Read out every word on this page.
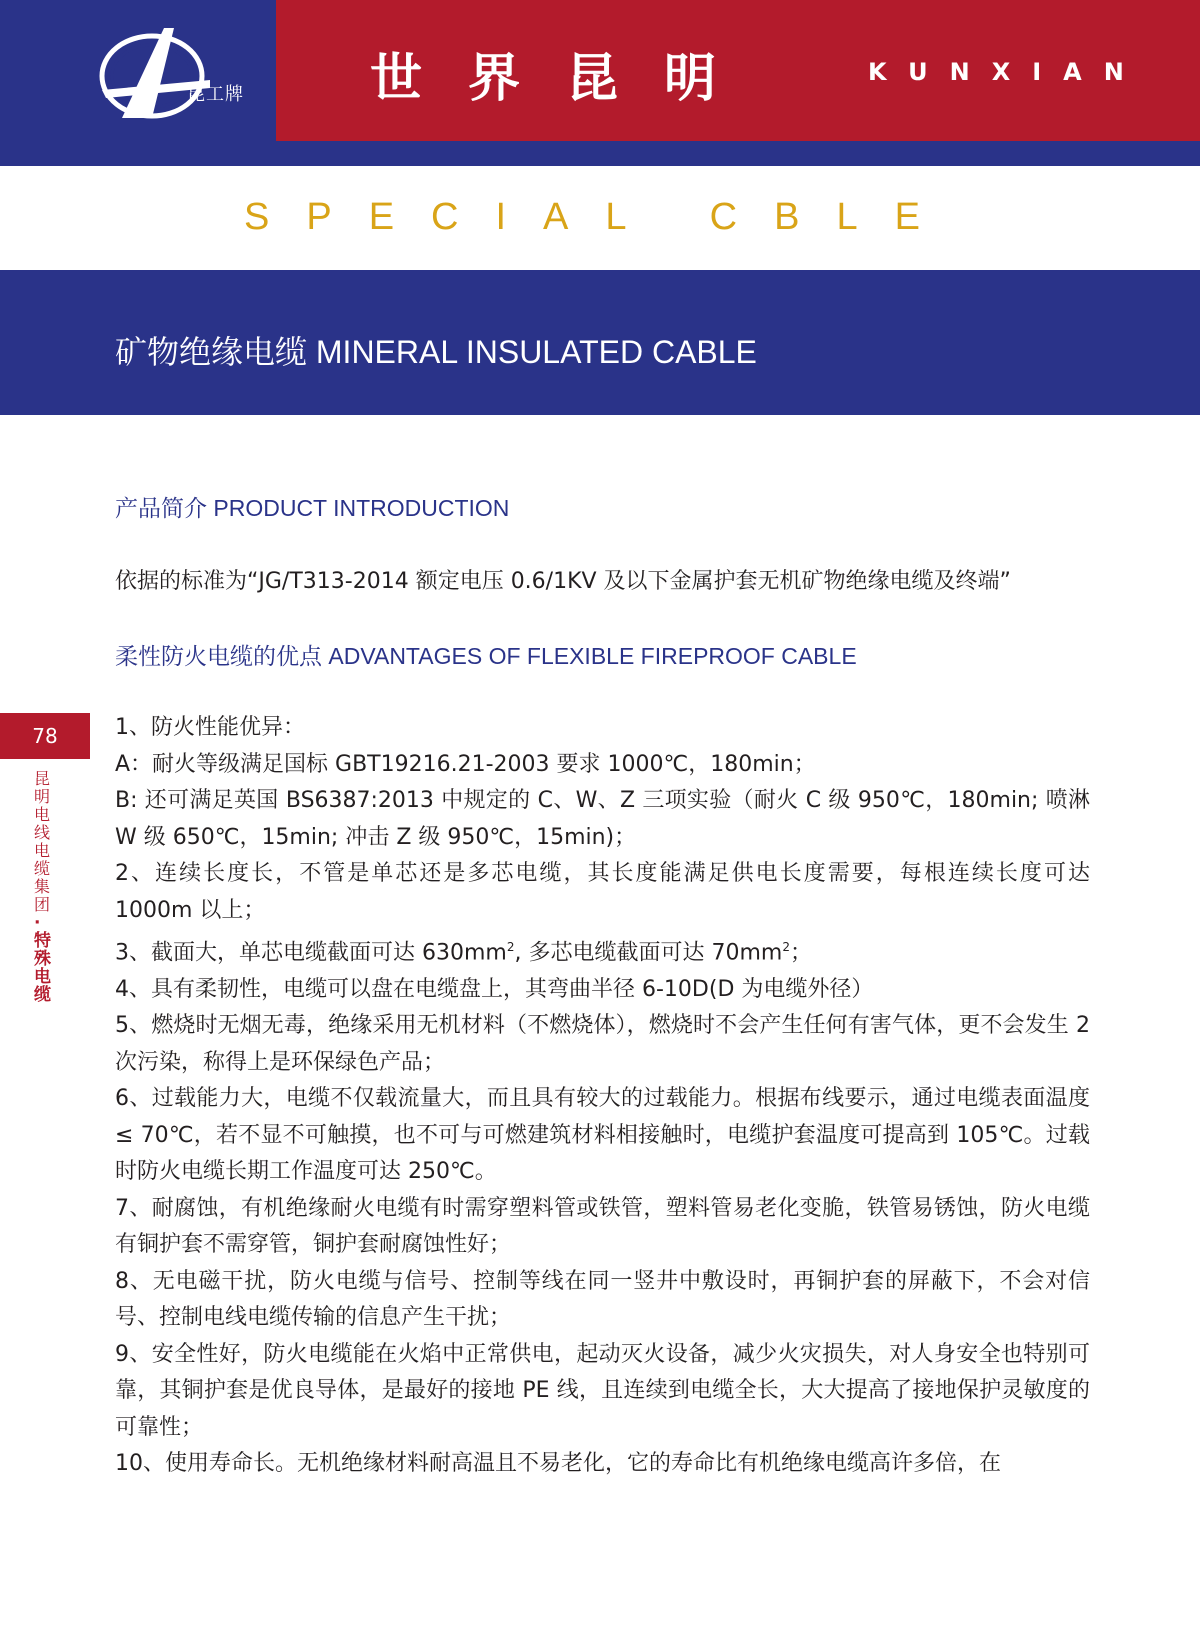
昆工牌 世界昆明	KUNXIAN
SPECIAL CBLE
矿物绝缘电缆 MINERAL INSULATED CABLE
产品简介 PRODUCT INTRODUCTION
依据的标准为“JG/T313-2014 额定电压 0.6/1KV 及以下金属护套无机矿物绝缘电缆及终端”
柔性防火电缆的优点 ADVANTAGES OF FLEXIBLE FIREPROOF CABLE
78
昆明电线电缆集团·特殊电缆

1、防火性能优异：

A：耐火等级满足国标 GBT19216.21-2003 要求 1000℃，180min；

B: 还可满足英国 BS6387:2013 中规定的 C、W、Z 三项实验（耐火 C 级 950℃，180min; 喷淋 W 级 650℃，15min; 冲击 Z 级 950℃，15min)；

2、连续长度长，不管是单芯还是多芯电缆，其长度能满足供电长度需要，每根连续长度可达 1000m 以上；

3、截面大，单芯电缆截面可达 $630mm^2$, 多芯电缆截面可达 $70mm^2$；

4、具有柔韧性，电缆可以盘在电缆盘上，其弯曲半径 6-10D(D 为电缆外径）

5、燃烧时无烟无毒，绝缘采用无机材料（不燃烧体），燃烧时不会产生任何有害气体，更不会发生 2 次污染，称得上是环保绿色产品；

6、过载能力大，电缆不仅载流量大，而且具有较大的过载能力。根据布线要示，通过电缆表面温度≤ 70℃，若不显不可触摸，也不可与可燃建筑材料相接触时，电缆护套温度可提高到 105℃。过载时防火电缆长期工作温度可达 250℃。

7、耐腐蚀，有机绝缘耐火电缆有时需穿塑料管或铁管，塑料管易老化变脆，铁管易锈蚀，防火电缆有铜护套不需穿管，铜护套耐腐蚀性好；

8、无电磁干扰，防火电缆与信号、控制等线在同一竖井中敷设时，再铜护套的屏蔽下，不会对信号、控制电线电缆传输的信息产生干扰；

9、安全性好，防火电缆能在火焰中正常供电，起动灭火设备，减少火灾损失，对人身安全也特别可靠，其铜护套是优良导体，是最好的接地 PE 线，且连续到电缆全长，大大提高了接地保护灵敏度的可靠性；

10、使用寿命长。无机绝缘材料耐高温且不易老化，它的寿命比有机绝缘电缆高许多倍，在
